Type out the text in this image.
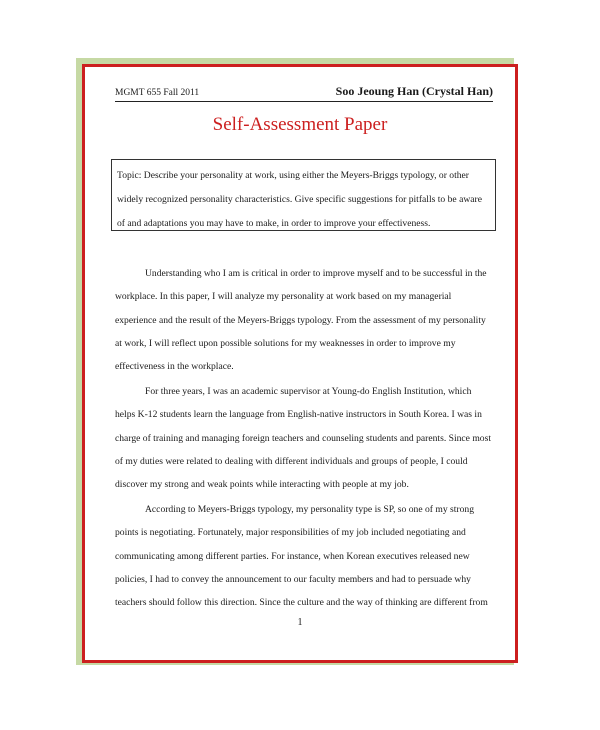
MGMT 655 Fall 2011	Soo Jeoung Han (Crystal Han)
Self-Assessment Paper

Topic: Describe your personality at work, using either the Meyers-Briggs typology, or other widely recognized personality characteristics. Give specific suggestions for pitfalls to be aware of and adaptations you may have to make, in order to improve your effectiveness.

Understanding who I am is critical in order to improve myself and to be successful in the workplace. In this paper, I will analyze my personality at work based on my managerial experience and the result of the Meyers-Briggs typology. From the assessment of my personality at work, I will reflect upon possible solutions for my weaknesses in order to improve my effectiveness in the workplace.

For three years, I was an academic supervisor at Young-do English Institution, which helps K-12 students learn the language from English-native instructors in South Korea. I was in charge of training and managing foreign teachers and counseling students and parents. Since most of my duties were related to dealing with different individuals and groups of people, I could discover my strong and weak points while interacting with people at my job.

According to Meyers-Briggs typology, my personality type is SP, so one of my strong points is negotiating. Fortunately, major responsibilities of my job included negotiating and communicating among different parties. For instance, when Korean executives released new policies, I had to convey the announcement to our faculty members and had to persuade why teachers should follow this direction. Since the culture and the way of thinking are different from

1
